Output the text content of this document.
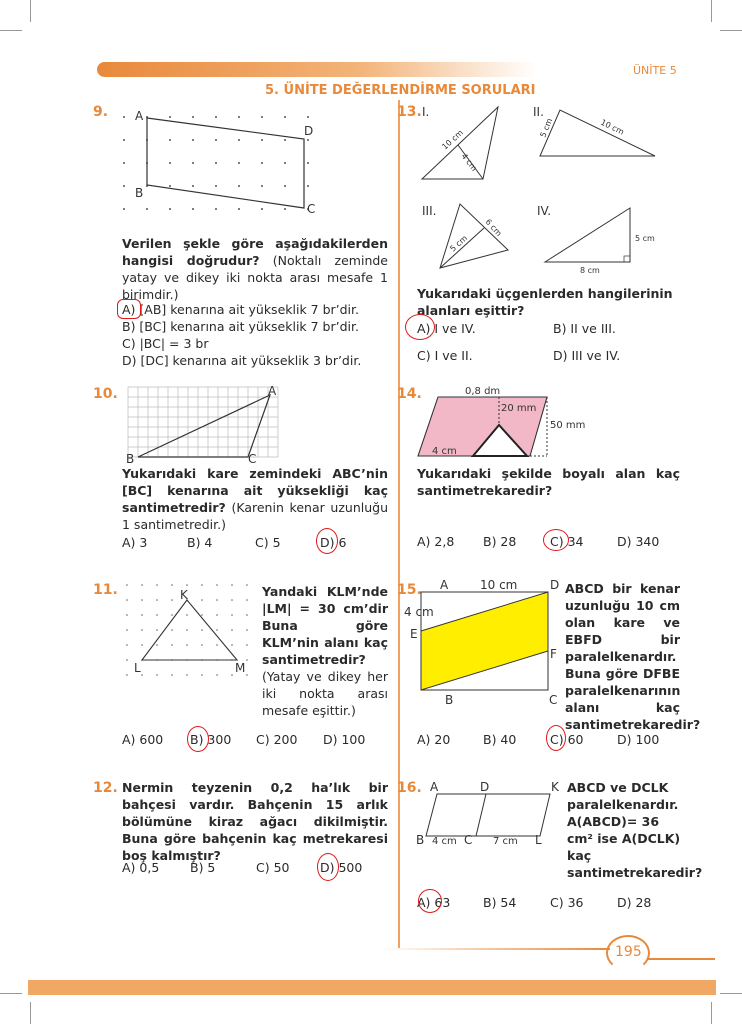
ÜNİTE 5
5. ÜNİTE DEĞERLENDİRME SORULARI
9. A
D
C
B
Verilen şekle göre aşağıdakilerden hangisi doğrudur? (Noktalı zeminde yatay ve dikey iki nokta arası mesafe 1 birimdir.)
A) [AB] kenarına ait yükseklik 7 br’dir.
B) [BC] kenarına ait yükseklik 7 br’dir.
C) |BC| = 3 br
D) [DC] kenarına ait yükseklik 3 br’dir.
10.	A
B	C
Yukarıdaki kare zemindeki ABC’nin [BC] kenarına ait yüksekliği kaç santimetredir? (Karenin kenar uzunluğu 1 santimetredir.)
A) 3	B) 4	C) 5	D) 6
11.	K
L	M
Yandaki KLM’nde |LM| = 30 cm’dir Buna göre KLM’nin alanı kaç santimetredir? (Yatay ve dikey her iki nokta arası mesafe eşittir.)
A) 600 B) 300 C) 200 D) 100
12. Nermin teyzenin 0,2 ha’lık bir bahçesi vardır. Bahçenin 15 arlık bölümüne kiraz ağacı dikilmiştir. Buna göre bahçenin kaç metrekaresi boş kalmıştır?
A) 0,5 B) 5	C) 50 D) 500
13. I.
10 cm
4 cm
II.
5 cm	10 cm
III.
6 cm
5 cm
IV.
5 cm
8 cm
Yukarıdaki üçgenlerden hangilerinin alanları eşittir?
A) I ve IV.	B) II ve III.
C) I ve II.	D) III ve IV.
14.	0,8 dm
20 mm
50 mm
4 cm
Yukarıdaki şekilde boyalı alan kaç santimetrekaredir?
A) 2,8 B) 28	C) 34	D) 340
15. A	10 cm	D
4 cm
E
F
B	C
ABCD bir kenar uzunluğu 10 cm olan kare ve EBFD bir paralelkenardır. Buna göre DFBE paralelkenarının alanı kaç santimetrekaredir?
A) 20	B) 40	C) 60	D) 100
16. A	D	K
B 4 cm C 7 cm L
ABCD ve DCLK paralelkenardır. A(ABCD)= 36 cm² ise A(DCLK) kaç santimetrekaredir?
A) 63	B) 54	C) 36	D) 28
195
